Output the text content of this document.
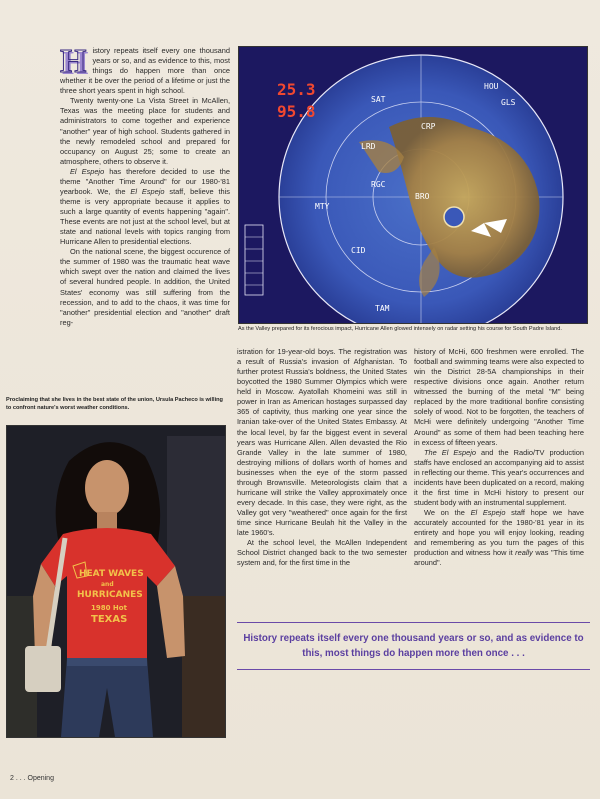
History repeats itself every one thousand years or so, and as evidence to this, most things do happen more than once whether it be over the period of a lifetime or just the three short years spent in high school.

Twenty twenty-one La Vista Street in McAllen, Texas was the meeting place for students and administrators to come together and experience "another" year of high school. Students gathered in the newly remodeled school and prepared for occupancy on August 25; some to create an atmosphere, others to observe it.

El Espejo has therefore decided to use the theme "Another Time Around" for our 1980-'81 yearbook. We, the El Espejo staff, believe this theme is very appropriate because it applies to such a large quantity of events happening "again". These events are not just at the school level, but at state and national levels with topics ranging from Hurricane Allen to presidential elections.

On the national scene, the biggest occurence of the summer of 1980 was the traumatic heat wave which swept over the nation and claimed the lives of several hundred people. In addition, the United States' economy was still suffering from the recession, and to add to the chaos, it was time for "another" presidential election and "another" draft reg-

Proclaiming that she lives in the best state of the union, Ursula Pacheco is willing to confront nature's worst weather conditions.
25.3
95.8
SAT
HOU
GLS
LRD
CRP
RGC
BRO
MTY
CID
TAM
As the Valley prepared for its ferocious impact, Hurricane Allen glowed intensely on radar setting his course for South Padre Island.
HEAT WAVES
and
HURRICANES
1980 Hot
TEXAS

istration for 19-year-old boys. The registration was a result of Russia's invasion of Afghanistan. To further protest Russia's boldness, the United States boycotted the 1980 Summer Olympics which were held in Moscow. Ayatollah Khomeini was still in power in Iran as American hostages surpassed day 365 of captivity, thus marking one year since the Iranian take-over of the United States Embassy. At the local level, by far the biggest event in several years was Hurricane Allen. Allen devasted the Rio Grande Valley in the late summer of 1980, destroying millions of dollars worth of homes and businesses when the eye of the storm passed through Brownsville. Meteorologists claim that a hurricane will strike the Valley approximately once every decade. In this case, they were right, as the Valley got very "weathered" once again for the first time since Hurricane Beulah hit the Valley in the late 1960's.

At the school level, the McAllen Independent School District changed back to the two semester system and, for the first time in the

history of McHi, 600 freshmen were enrolled. The football and swimming teams were also expected to win the District 28-5A championships in their respective divisions once again. Another return witnessed the burning of the metal "M" being replaced by the more traditional bonfire consisting solely of wood. Not to be forgotten, the teachers of McHi were definitely undergoing "Another Time Around" as some of them had been teaching here in excess of fifteen years.

The El Espejo and the Radio/TV production staffs have enclosed an accompanying aid to assist in reflecting our theme. This year's occurrences and incidents have been duplicated on a record, making it the first time in McHi history to present our student body with an instrumental supplement.

We on the El Espejo staff hope we have accurately accounted for the 1980-'81 year in its entirety and hope you will enjoy looking, reading and remembering as you turn the pages of this production and witness how it really was "This time around".

History repeats itself every one thousand years or so, and as evidence to this, most things do happen more then once . . .
2 . . . Opening
